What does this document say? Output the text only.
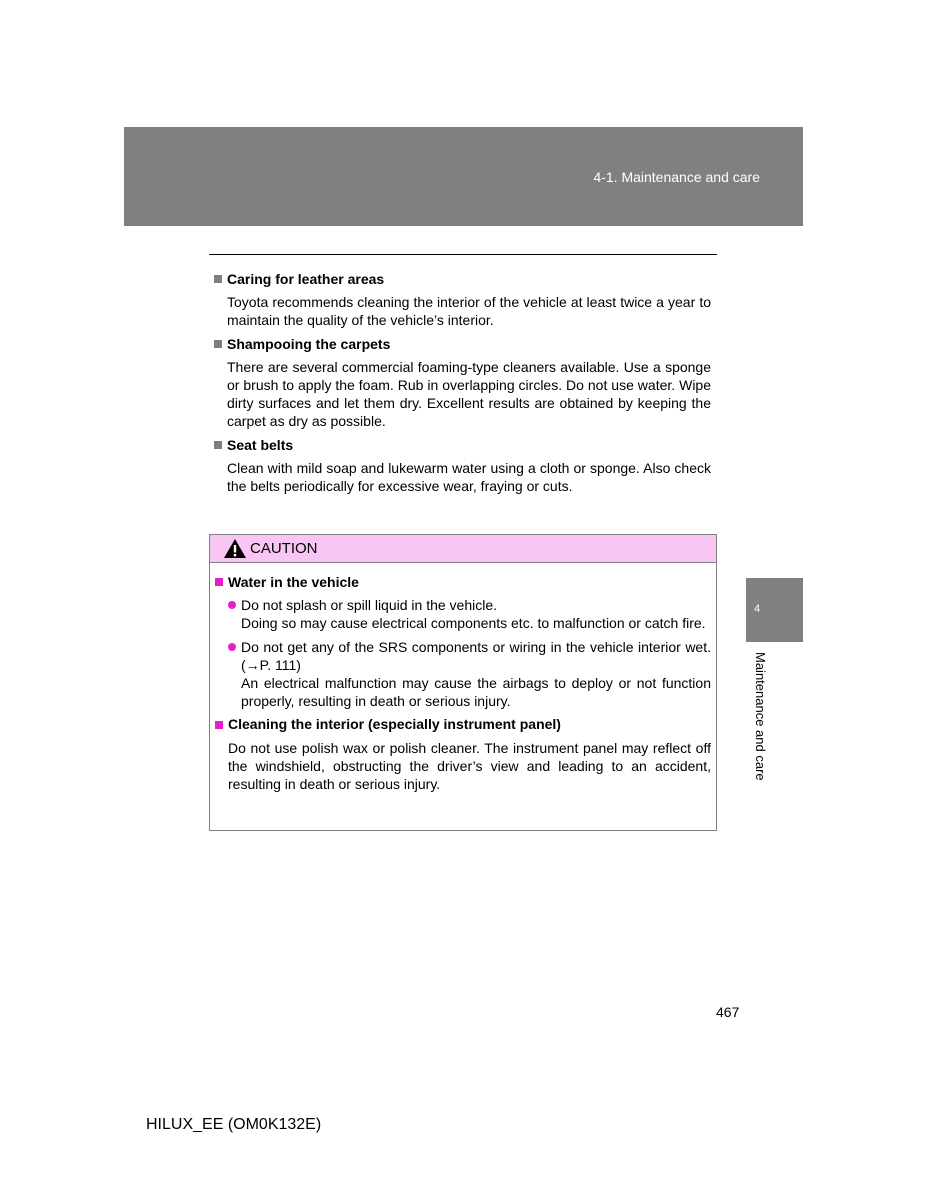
4-1. Maintenance and care
Caring for leather areas

Toyota recommends cleaning the interior of the vehicle at least twice a year to maintain the quality of the vehicle’s interior.

Shampooing the carpets

There are several commercial foaming-type cleaners available. Use a sponge or brush to apply the foam. Rub in overlapping circles. Do not use water. Wipe dirty surfaces and let them dry. Excellent results are obtained by keeping the carpet as dry as possible.

Seat belts

Clean with mild soap and lukewarm water using a cloth or sponge. Also check the belts periodically for excessive wear, fraying or cuts.

CAUTION
Water in the vehicle
Do not splash or spill liquid in the vehicle.
Doing so may cause electrical components etc. to malfunction or catch fire.
Do not get any of the SRS components or wiring in the vehicle interior wet. (→P. 111)
An electrical malfunction may cause the airbags to deploy or not function properly, resulting in death or serious injury.
Cleaning the interior (especially instrument panel)

Do not use polish wax or polish cleaner. The instrument panel may reflect off the windshield, obstructing the driver’s view and leading to an accident, resulting in death or serious injury.

4
Maintenance and care
467
HILUX_EE (OM0K132E)
